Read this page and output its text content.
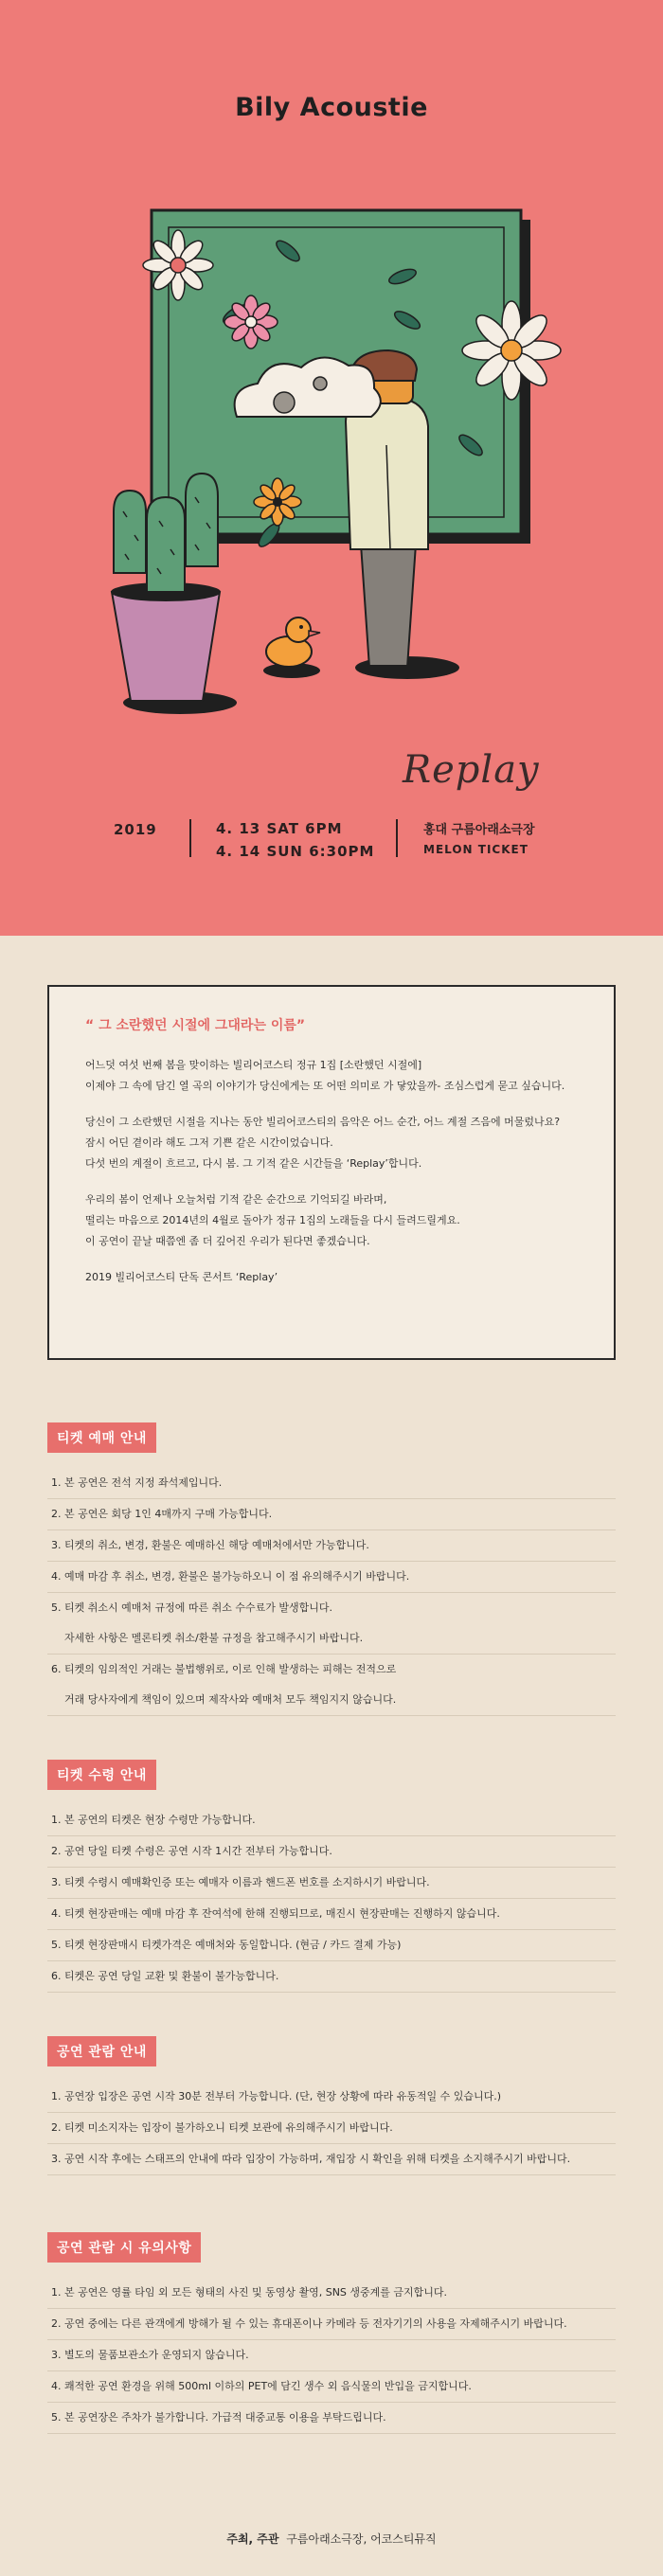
Bily Acoustie
Replay
2019	4. 13 SAT 6PM
4. 14 SUN 6:30PM
홍대 구름아래소극장
MELON TICKET
“ 그 소란했던 시절에 그대라는 이름”
어느덧 여섯 번째 봄을 맞이하는 빌리어코스티 정규 1집 [소란했던 시절에]
이제야 그 속에 담긴 열 곡의 이야기가 당신에게는 또 어떤 의미로 가 닿았을까- 조심스럽게 묻고 싶습니다.
당신이 그 소란했던 시절을 지나는 동안 빌리어코스티의 음악은 어느 순간, 어느 계절 즈음에 머물렀나요?
잠시 어딘 곁이라 해도 그저 기쁜 같은 시간이었습니다.
다섯 번의 계절이 흐르고, 다시 봄. 그 기적 같은 시간들을 ‘Replay’합니다.
우리의 봄이 언제나 오늘처럼 기적 같은 순간으로 기억되길 바라며,
떨리는 마음으로 2014년의 4월로 돌아가 정규 1집의 노래들을 다시 들려드릴게요.
이 공연이 끝날 때쯤엔 좀 더 깊어진 우리가 된다면 좋겠습니다.
2019 빌리어코스티 단독 콘서트 ‘Replay’
티켓 예매 안내
1. 본 공연은 전석 지정 좌석제입니다.
2. 본 공연은 회당 1인 4매까지 구매 가능합니다.
3. 티켓의 취소, 변경, 환불은 예매하신 해당 예매처에서만 가능합니다.
4. 예매 마감 후 취소, 변경, 환불은 불가능하오니 이 점 유의해주시기 바랍니다.
5. 티켓 취소시 예매처 규정에 따른 취소 수수료가 발생합니다.
자세한 사항은 멜론티켓 취소/환불 규정을 참고해주시기 바랍니다.
6. 티켓의 임의적인 거래는 불법행위로, 이로 인해 발생하는 피해는 전적으로
거래 당사자에게 책임이 있으며 제작사와 예매처 모두 책임지지 않습니다.
티켓 수령 안내
1. 본 공연의 티켓은 현장 수령만 가능합니다.
2. 공연 당일 티켓 수령은 공연 시작 1시간 전부터 가능합니다.
3. 티켓 수령시 예매확인증 또는 예매자 이름과 핸드폰 번호를 소지하시기 바랍니다.
4. 티켓 현장판매는 예매 마감 후 잔여석에 한해 진행되므로, 매진시 현장판매는 진행하지 않습니다.
5. 티켓 현장판매시 티켓가격은 예매처와 동일합니다. (현금 / 카드 결제 가능)
6. 티켓은 공연 당일 교환 및 환불이 불가능합니다.
공연 관람 안내
1. 공연장 입장은 공연 시작 30분 전부터 가능합니다. (단, 현장 상황에 따라 유동적일 수 있습니다.)
2. 티켓 미소지자는 입장이 불가하오니 티켓 보관에 유의해주시기 바랍니다.
3. 공연 시작 후에는 스태프의 안내에 따라 입장이 가능하며, 재입장 시 확인을 위해 티켓을 소지해주시기 바랍니다.
공연 관람 시 유의사항
1. 본 공연은 영률 타임 외 모든 형태의 사진 및 동영상 촬영, SNS 생중계를 금지합니다.
2. 공연 중에는 다른 관객에게 방해가 될 수 있는 휴대폰이나 카메라 등 전자기기의 사용을 자제해주시기 바랍니다.
3. 별도의 물품보관소가 운영되지 않습니다.
4. 쾌적한 공연 환경을 위해 500ml 이하의 PET에 담긴 생수 외 음식물의 반입을 금지합니다.
5. 본 공연장은 주차가 불가합니다. 가급적 대중교통 이용을 부탁드립니다.
주최, 주관 구름아래소극장, 어코스티뮤직
